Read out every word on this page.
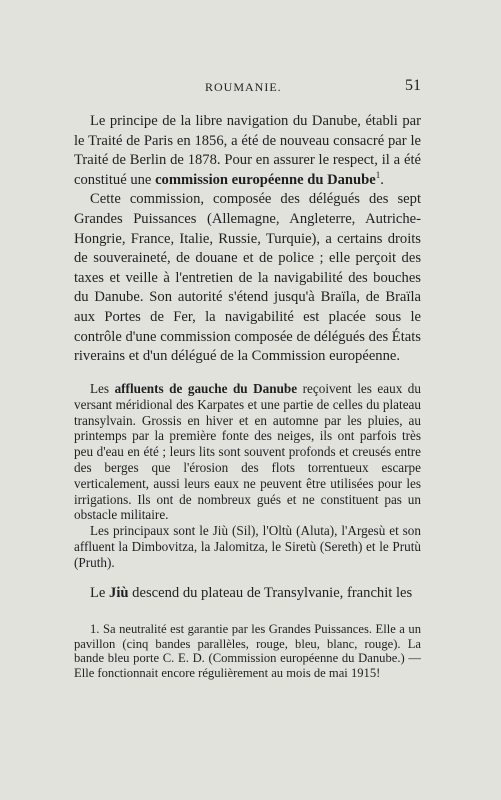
ROUMANIE.	51

Le principe de la libre navigation du Danube, établi par le Traité de Paris en 1856, a été de nouveau consacré par le Traité de Berlin de 1878. Pour en assurer le respect, il a été constitué une commission européenne du Danube$^1$.

Cette commission, composée des délégués des sept Grandes Puissances (Allemagne, Angleterre, Autriche-Hongrie, France, Italie, Russie, Turquie), a certains droits de souveraineté, de douane et de police ; elle perçoit des taxes et veille à l'entretien de la navigabilité des bouches du Danube. Son autorité s'étend jusqu'à Braïla, de Braïla aux Portes de Fer, la navigabilité est placée sous le contrôle d'une commission composée de délégués des États riverains et d'un délégué de la Commission européenne.

Les affluents de gauche du Danube reçoivent les eaux du versant méridional des Karpates et une partie de celles du plateau transylvain. Grossis en hiver et en automne par les pluies, au printemps par la première fonte des neiges, ils ont parfois très peu d'eau en été ; leurs lits sont souvent profonds et creusés entre des berges que l'érosion des flots torrentueux escarpe verticalement, aussi leurs eaux ne peuvent être utilisées pour les irrigations. Ils ont de nombreux gués et ne constituent pas un obstacle militaire.

Les principaux sont le Jiù (Sil), l'Oltù (Aluta), l'Argesù et son affluent la Dimbovitza, la Jalomitza, le Siretù (Sereth) et le Prutù (Pruth).

Le Jiù descend du plateau de Transylvanie, franchit les

1. Sa neutralité est garantie par les Grandes Puissances. Elle a un pavillon (cinq bandes parallèles, rouge, bleu, blanc, rouge). La bande bleu porte C. E. D. (Commission européenne du Danube.) — Elle fonctionnait encore régulièrement au mois de mai 1915!
